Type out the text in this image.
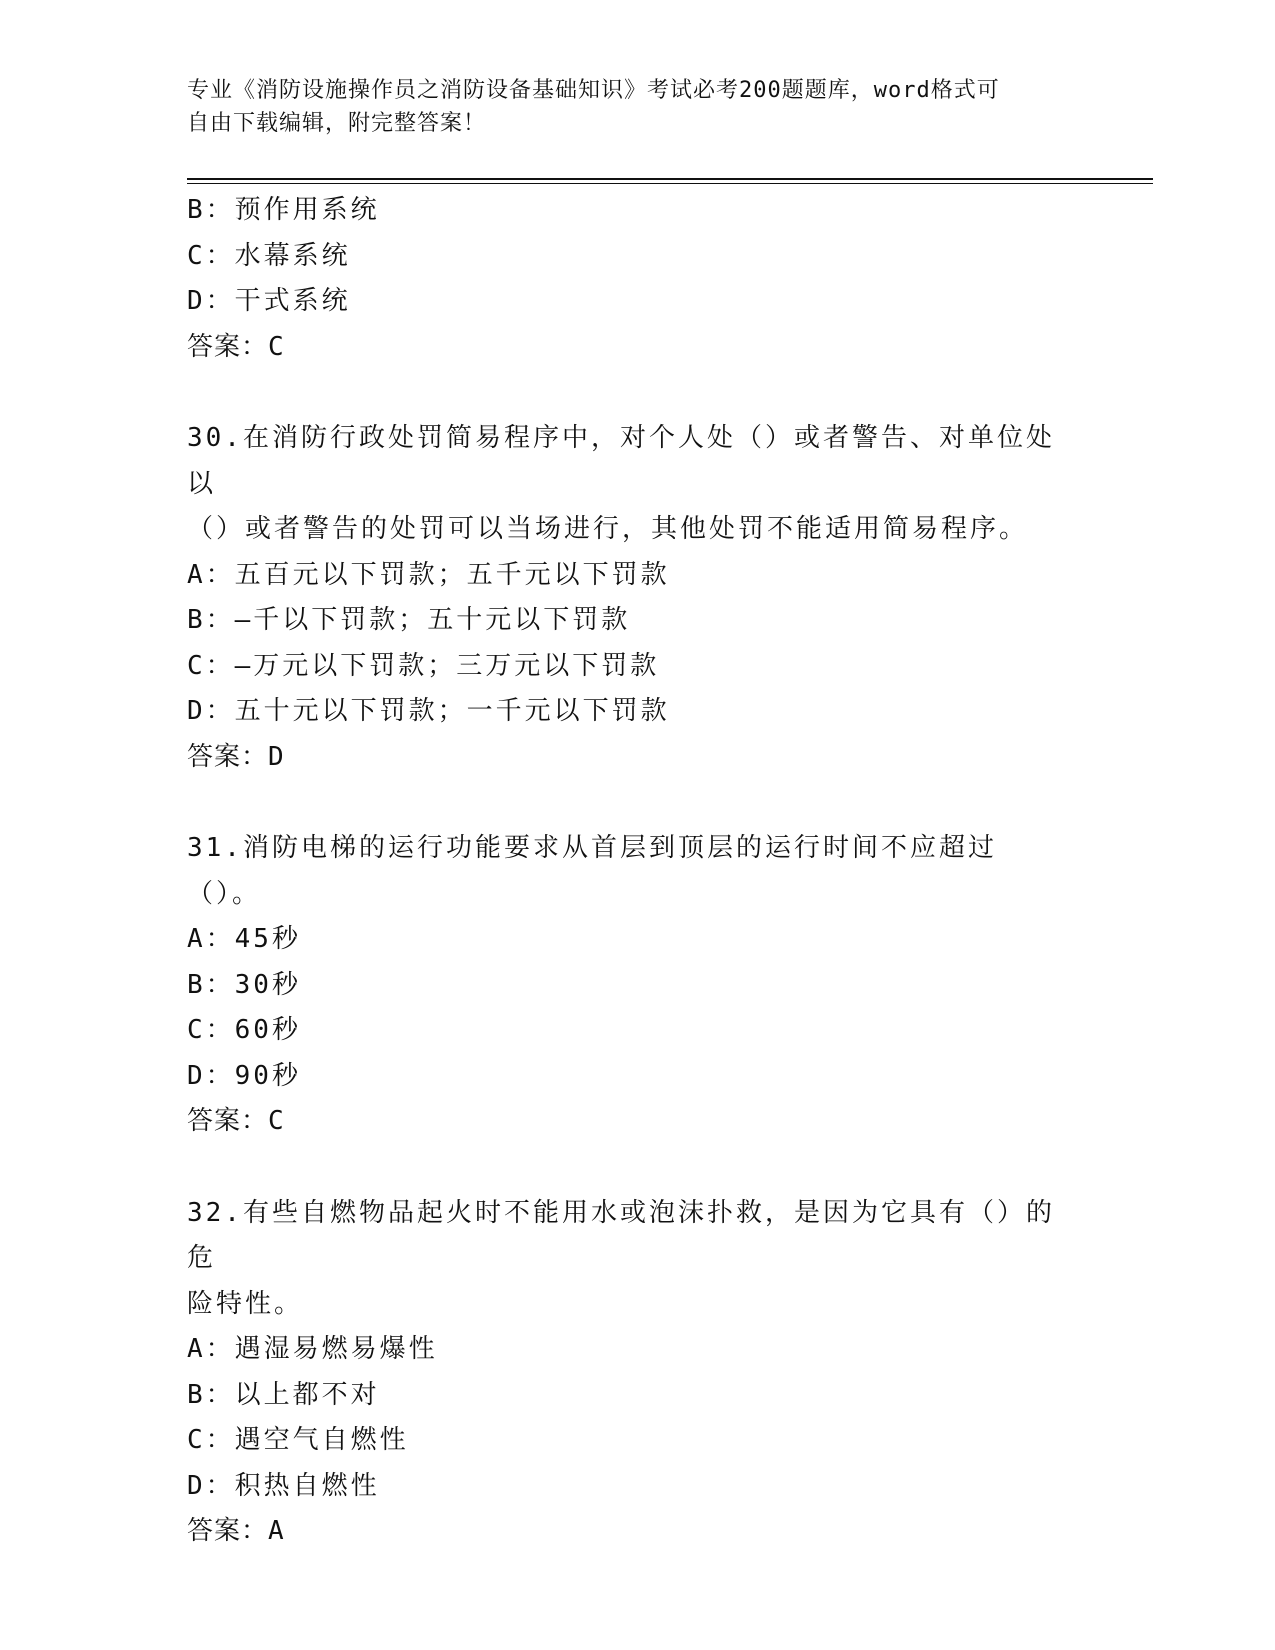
专业《消防设施操作员之消防设备基础知识》考试必考200题题库，word格式可
自由下载编辑，附完整答案！
B：预作用系统
C：水幕系统
D：干式系统
答案：C
30.在消防行政处罚简易程序中，对个人处（）或者警告、对单位处以
（）或者警告的处罚可以当场进行，其他处罚不能适用简易程序。
A：五百元以下罚款；五千元以下罚款
B：—千以下罚款；五十元以下罚款
C：—万元以下罚款；三万元以下罚款
D：五十元以下罚款；一千元以下罚款
答案：D
31.消防电梯的运行功能要求从首层到顶层的运行时间不应超过（）。
A：45秒
B：30秒
C：60秒
D：90秒
答案：C
32.有些自燃物品起火时不能用水或泡沫扑救，是因为它具有（）的危
险特性。
A：遇湿易燃易爆性
B：以上都不对
C：遇空气自燃性
D：积热自燃性
答案：A
